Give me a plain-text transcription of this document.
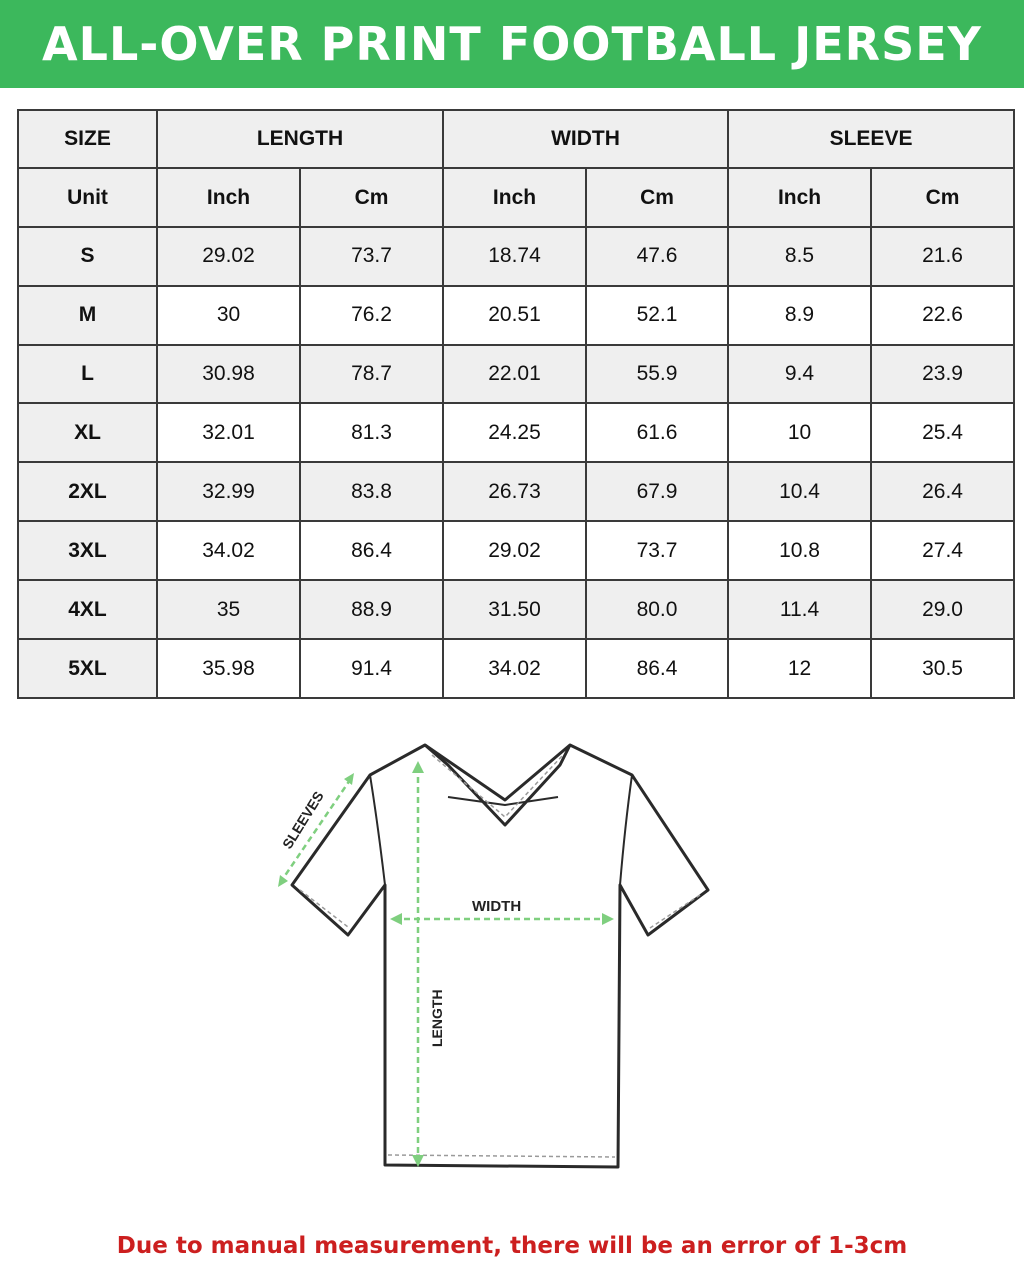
ALL-OVER PRINT FOOTBALL JERSEY
SIZE	LENGTH		WIDTH		SLEEVE	
Unit	Inch	Cm	Inch	Cm	Inch	Cm
S	29.02	73.7	18.74	47.6	8.5	21.6
M	30	76.2	20.51	52.1	8.9	22.6
L	30.98	78.7	22.01	55.9	9.4	23.9
XL	32.01	81.3	24.25	61.6	10	25.4
2XL	32.99	83.8	26.73	67.9	10.4	26.4
3XL	34.02	86.4	29.02	73.7	10.8	27.4
4XL	35	88.9	31.50	80.0	11.4	29.0
5XL	35.98	91.4	34.02	86.4	12	30.5
SLEEVES
WIDTH
LENGTH
Due to manual measurement, there will be an error of 1-3cm
